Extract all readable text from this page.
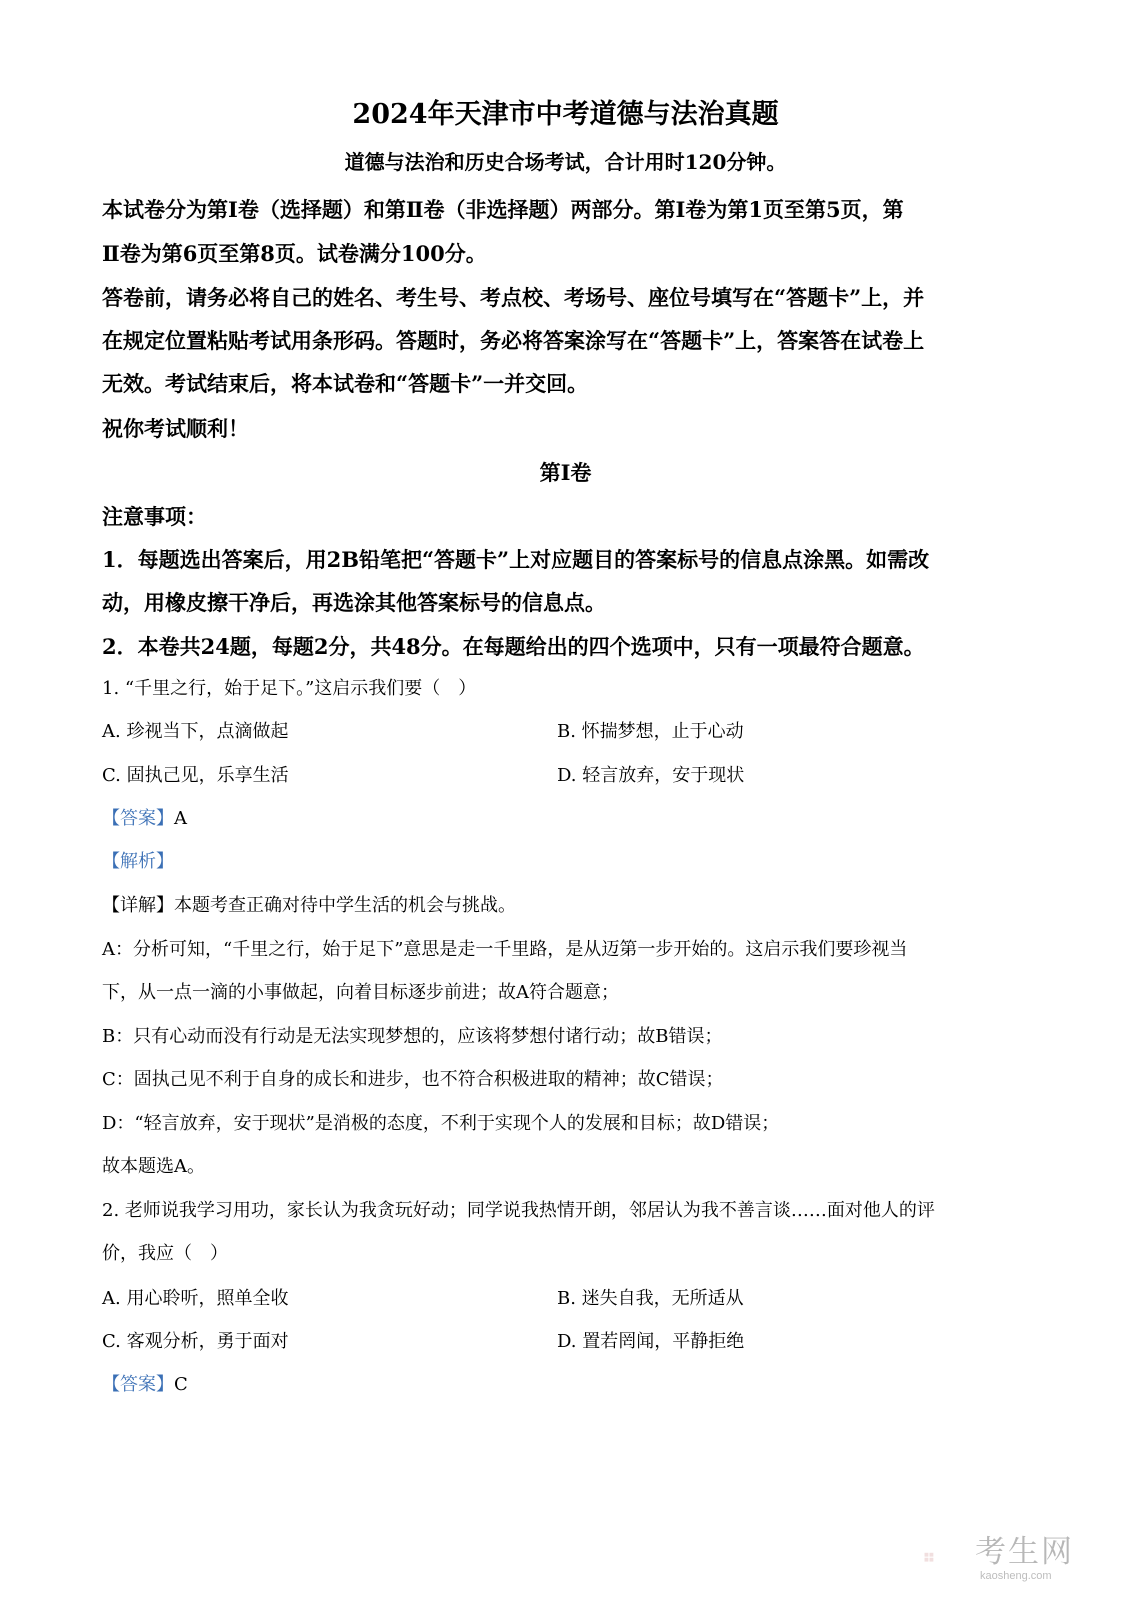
2024年天津市中考道德与法治真题
道德与法治和历史合场考试，合计用时120分钟。
本试卷分为第Ⅰ卷（选择题）和第Ⅱ卷（非选择题）两部分。第Ⅰ卷为第1页至第5页，第
Ⅱ卷为第6页至第8页。试卷满分100分。
答卷前，请务必将自己的姓名、考生号、考点校、考场号、座位号填写在“答题卡”上，并
在规定位置粘贴考试用条形码。答题时，务必将答案涂写在“答题卡”上，答案答在试卷上
无效。考试结束后，将本试卷和“答题卡”一并交回。
祝你考试顺利！
第Ⅰ卷
注意事项：
1．每题选出答案后，用2B铅笔把“答题卡”上对应题目的答案标号的信息点涂黑。如需改
动，用橡皮擦干净后，再选涂其他答案标号的信息点。
2．本卷共24题，每题2分，共48分。在每题给出的四个选项中，只有一项最符合题意。
1. “千里之行，始于足下。”这启示我们要（　）
A. 珍视当下，点滴做起	B. 怀揣梦想，止于心动
C. 固执己见，乐享生活	D. 轻言放弃，安于现状
【答案】A
【解析】
【详解】本题考查正确对待中学生活的机会与挑战。
A：分析可知，“千里之行，始于足下”意思是走一千里路，是从迈第一步开始的。这启示我们要珍视当
下，从一点一滴的小事做起，向着目标逐步前进；故A符合题意；
B：只有心动而没有行动是无法实现梦想的，应该将梦想付诸行动；故B错误；
C：固执己见不利于自身的成长和进步，也不符合积极进取的精神；故C错误；
D：“轻言放弃，安于现状”是消极的态度，不利于实现个人的发展和目标；故D错误；
故本题选A。
2. 老师说我学习用功，家长认为我贪玩好动；同学说我热情开朗，邻居认为我不善言谈……面对他人的评
价，我应（　）
A. 用心聆听，照单全收	B. 迷失自我，无所适从
C. 客观分析，勇于面对	D. 置若罔闻，平静拒绝
【答案】C
考生网
kaosheng.com
